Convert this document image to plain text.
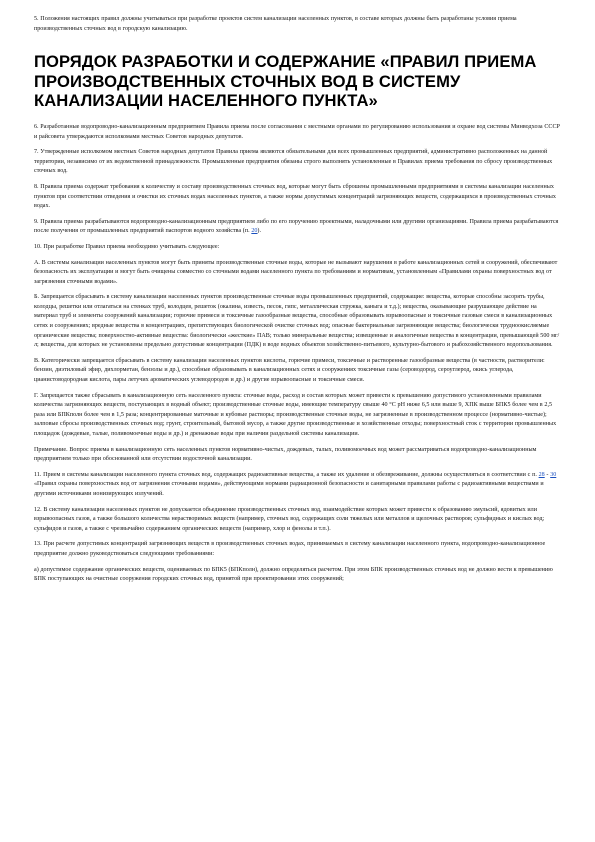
5. Положения настоящих правил должны учитываться при разработке проектов систем канализации населенных пунктов, в составе которых должны быть разработаны условия приема производственных сточных вод в городскую канализацию.

ПОРЯДОК РАЗРАБОТКИ И СОДЕРЖАНИЕ «ПРАВИЛ ПРИЕМА ПРОИЗВОДСТВЕННЫХ СТОЧНЫХ ВОД В СИСТЕМУ КАНАЛИЗАЦИИ НАСЕЛЕННОГО ПУНКТА»

6. Разработанные водопроводно-канализационным предприятием Правила приема после согласования с местными органами по регулированию использования и охране вод системы Минводхоза СССР и райсовета утверждаются исполкомами местных Советов народных депутатов.

7. Утвержденные исполкомом местных Советов народных депутатов Правила приема являются обязательными для всех промышленных предприятий, административно расположенных на данной территории, независимо от их ведомственной принадлежности. Промышленные предприятия обязаны строго выполнять установленные в Правилах приема требования по сбросу производственных сточных вод.

8. Правила приема содержат требования к количеству и составу производственных сточных вод, которые могут быть сброшены промышленными предприятиями в системы канализации населенных пунктов при соответствии отведения и очистки их сточных водах населенных пунктов, а также нормы допустимых концентраций загрязняющих веществ, содержащихся в производственных сточных водах.

9. Правила приема разрабатываются водопроводно-канализационным предприятием либо по его поручению проектными, наладочными или другими организациями. Правила приема разрабатываются после получения от промышленных предприятий паспортов водного хозяйства (п. 20).

10. При разработке Правил приема необходимо учитывать следующее:

А. В системы канализации населенных пунктов могут быть приняты производственные сточные воды, которые не вызывают нарушения в работе канализационных сетей и сооружений, обеспечивают безопасность их эксплуатации и могут быть очищены совместно со сточными водами населенного пункта по требованиям и нормативам, установленным «Правилами охраны поверхностных вод от загрязнения сточными водами».

Б. Запрещается сбрасывать в систему канализации населенных пунктов производственные сточные воды промышленных предприятий, содержащие: вещества, которые способны засорять трубы, колодцы, решетки или отлагаться на стенках труб, колодцев, решеток (окалина, известь, песок, гипс, металлическая стружка, каныга и т.д.); вещества, оказывающие разрушающее действие на материал труб и элементы сооружений канализации; горючие примеси и токсичные газообразные вещества, способные образовывать взрывоопасные и токсичные газовые смеси в канализационных сетях и сооружениях; вредные вещества в концентрациях, препятствующих биологической очистке сточных вод; опасные бактериальные загрязняющие вещества; биологически трудноокисляемые органические вещества; поверхностно-активные вещества: биологически «жесткие» ПАВ; только минеральные вещества; извещенные и аналогичные вещества в концентрации, превышающей 500 мг/л; вещества, для которых не установлены предельно допустимые концентрации (ПДК) в воде водных объектов хозяйственно-питьевого, культурно-бытового и рыбохозяйственного водопользования.

В. Категорически запрещается сбрасывать в систему канализации населенных пунктов кислоты, горючие примеси, токсичные и растворенные газообразные вещества (в частности, растворители: бензин, диэтиловый эфир, дихлорметан, бензолы и др.), способные образовывать в канализационных сетях и сооружениях токсичные газы (сероводород, сероуглерод, окись углерода, цианистоводородная кислота, пары летучих ароматических углеводородов и др.) и другие взрывоопасные и токсичные смеси.

Г. Запрещается также сбрасывать в канализационную сеть населенного пункта: сточные воды, расход и состав которых может привести к превышению допустимого установленными правилами количества загрязняющих веществ, поступающих в водный объект; производственные сточные воды, имеющие температуру свыше 40 °С pH ниже 6,5 или выше 9, ХПК выше БПК5 более чем в 2,5 раза или БПКполн более чем в 1,5 раза; концентрированные маточные и кубовые растворы; производственные сточные воды, не загрязненные в производственном процессе (нормативно-чистые); залповые сбросы производственных сточных вод; грунт, строительный, бытовой мусор, а также другие производственные и хозяйственные отходы; поверхностный сток с территории промышленных площадок (дождевые, талые, поливомоечные воды и др.) и дренажные воды при наличии раздельной системы канализации.

Примечание. Вопрос приема в канализационную сеть населенных пунктов нормативно-чистых, дождевых, талых, поливомоечных вод может рассматриваться водопроводно-канализационным предприятием только при обоснованной или отсутствии водосточной канализации.

11. Прием в системы канализации населенного пункта сточных вод, содержащих радиоактивные вещества, а также их удаление и обезвреживание, должны осуществляться в соответствии с п. 28 - 30 «Правил охраны поверхностных вод от загрязнения сточными водами», действующими нормами радиационной безопасности и санитарными правилами работы с радиоактивными веществами и другими источниками ионизирующих излучений.

12. В систему канализации населенных пунктов не допускается объединение производственных сточных вод, взаимодействие которых может привести к образованию эмульсий, ядовитых или взрывоопасных газов, а также большого количества нерастворимых веществ (например, сточных вод, содержащих соли тяжелых или металлов и щелочных растворов; сульфидных и кислых вод; сульфидов и газов, а также с чрезвычайно содержанием органических веществ (например, хлор и фенолы и т.п.).

13. При расчете допустимых концентраций загрязняющих веществ в производственных сточных водах, принимаемых в систему канализации населенного пункта, водопроводно-канализационное предприятие должно руководствоваться следующими требованиями:

а) допустимое содержание органических веществ, оцениваемых по БПК5 (БПКполн), должно определяться расчетом. При этом БПК производственных сточных вод не должно вести к превышению БПК поступающих на очистные сооружения городских сточных вод, принятой при проектировании этих сооружений;
